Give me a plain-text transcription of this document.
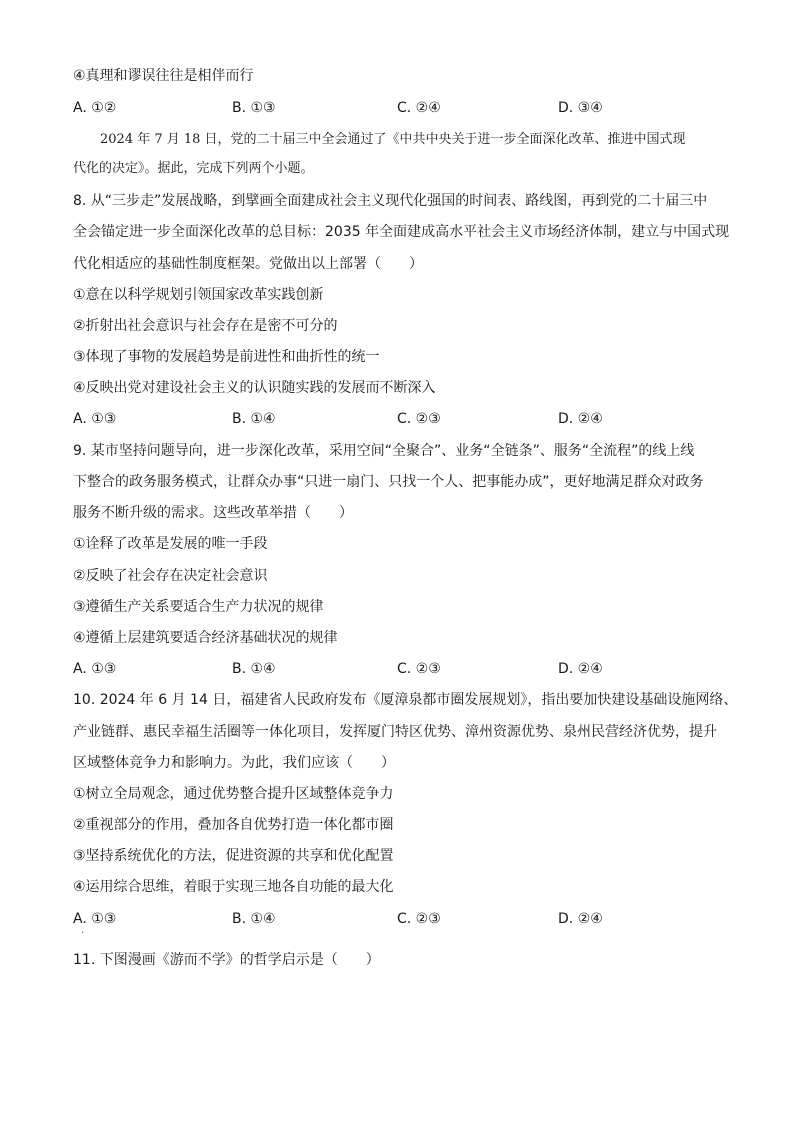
④真理和谬误往往是相伴而行
A. ①②	B. ①③	C. ②④	D. ③④
2024 年 7 月 18 日，党的二十届三中全会通过了《中共中央关于进一步全面深化改革、推进中国式现
代化的决定》。据此，完成下列两个小题。
8. 从“三步走”发展战略，到擘画全面建成社会主义现代化强国的时间表、路线图，再到党的二十届三中
全会锚定进一步全面深化改革的总目标：2035 年全面建成高水平社会主义市场经济体制，建立与中国式现
代化相适应的基础性制度框架。党做出以上部署（　　）
①意在以科学规划引领国家改革实践创新
②折射出社会意识与社会存在是密不可分的
③体现了事物的发展趋势是前进性和曲折性的统一
④反映出党对建设社会主义的认识随实践的发展而不断深入
A. ①③	B. ①④	C. ②③	D. ②④
9. 某市坚持问题导向，进一步深化改革，采用空间“全聚合”、业务“全链条”、服务“全流程”的线上线
下整合的政务服务模式，让群众办事“只进一扇门、只找一个人、把事能办成”，更好地满足群众对政务
服务不断升级的需求。这些改革举措（　　）
①诠释了改革是发展的唯一手段
②反映了社会存在决定社会意识
③遵循生产关系要适合生产力状况的规律
④遵循上层建筑要适合经济基础状况的规律
A. ①③	B. ①④	C. ②③	D. ②④
10. 2024 年 6 月 14 日，福建省人民政府发布《厦漳泉都市圈发展规划》，指出要加快建设基础设施网络、
产业链群、惠民幸福生活圈等一体化项目，发挥厦门特区优势、漳州资源优势、泉州民营经济优势，提升
区域整体竞争力和影响力。为此，我们应该（　　）
①树立全局观念，通过优势整合提升区域整体竞争力
②重视部分的作用，叠加各自优势打造一体化都市圈
③坚持系统优化的方法，促进资源的共享和优化配置
④运用综合思维，着眼于实现三地各自功能的最大化
A. ①③	B. ①④	C. ②③	D. ②④
·
11. 下图漫画《游而不学》的哲学启示是（　　）
